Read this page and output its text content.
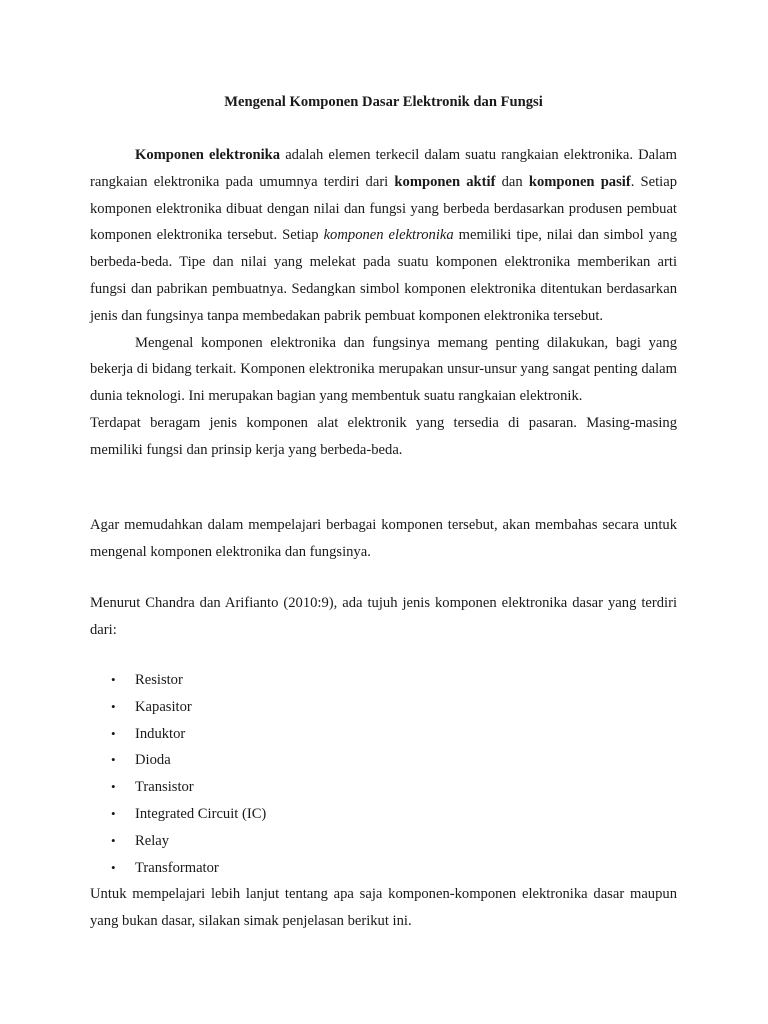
Mengenal Komponen Dasar Elektronik dan Fungsi

Komponen elektronika adalah elemen terkecil dalam suatu rangkaian elektronika. Dalam rangkaian elektronika pada umumnya terdiri dari komponen aktif dan komponen pasif. Setiap komponen elektronika dibuat dengan nilai dan fungsi yang berbeda berdasarkan produsen pembuat komponen elektronika tersebut. Setiap komponen elektronika memiliki tipe, nilai dan simbol yang berbeda-beda. Tipe dan nilai yang melekat pada suatu komponen elektronika memberikan arti fungsi dan pabrikan pembuatnya. Sedangkan simbol komponen elektronika ditentukan berdasarkan jenis dan fungsinya tanpa membedakan pabrik pembuat komponen elektronika tersebut.

Mengenal komponen elektronika dan fungsinya memang penting dilakukan, bagi yang bekerja di bidang terkait. Komponen elektronika merupakan unsur-unsur yang sangat penting dalam dunia teknologi. Ini merupakan bagian yang membentuk suatu rangkaian elektronik.

Terdapat beragam jenis komponen alat elektronik yang tersedia di pasaran. Masing-masing memiliki fungsi dan prinsip kerja yang berbeda-beda.

Agar memudahkan dalam mempelajari berbagai komponen tersebut, akan membahas secara untuk mengenal komponen elektronika dan fungsinya.

Menurut Chandra dan Arifianto (2010:9), ada tujuh jenis komponen elektronika dasar yang terdiri dari:

• Resistor
• Kapasitor
• Induktor
• Dioda
• Transistor
• Integrated Circuit (IC)
• Relay
• Transformator

Untuk mempelajari lebih lanjut tentang apa saja komponen-komponen elektronika dasar maupun yang bukan dasar, silakan simak penjelasan berikut ini.
